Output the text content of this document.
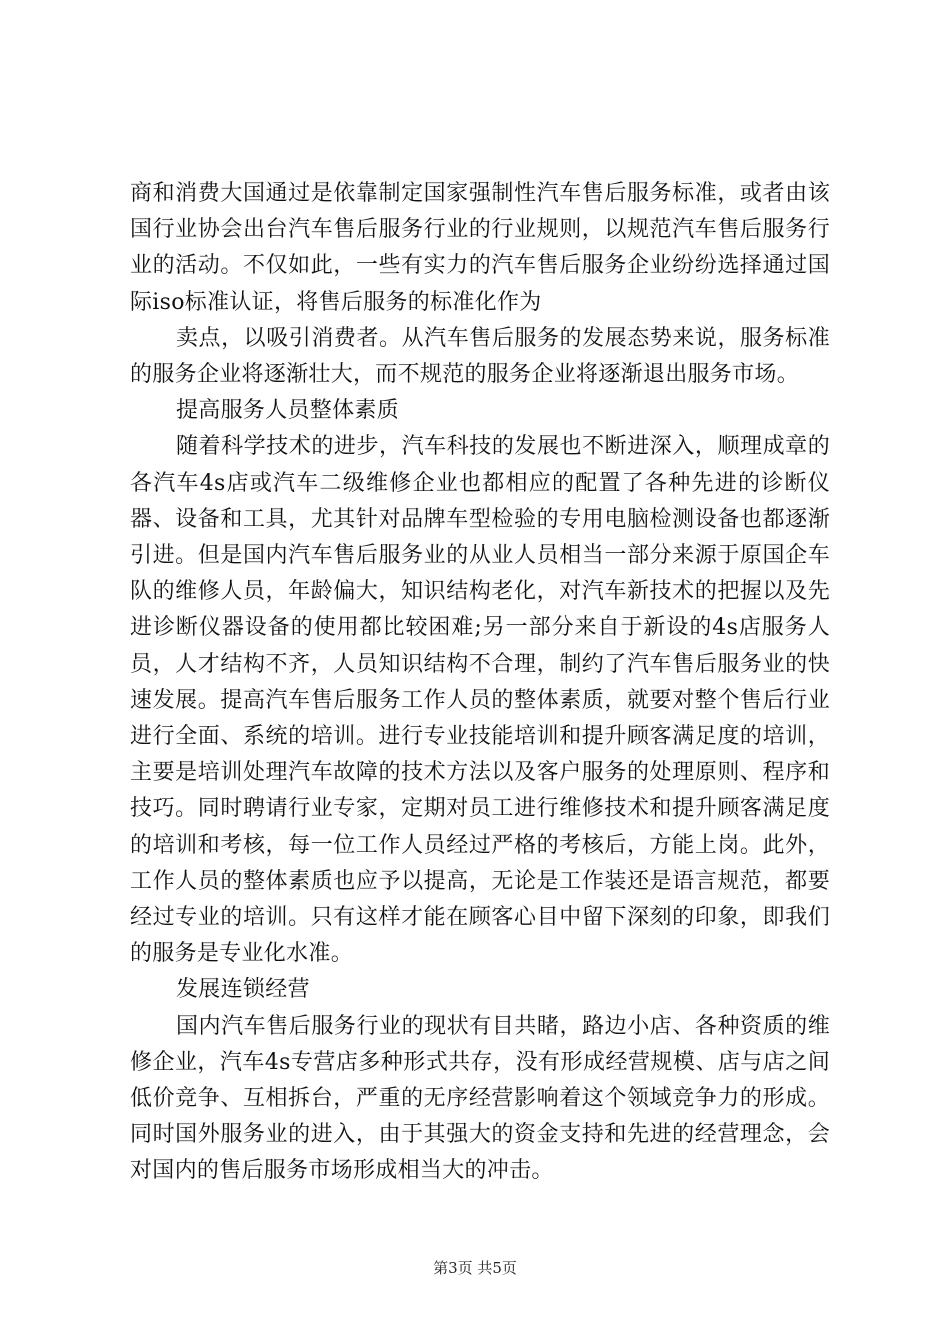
商和消费大国通过是依靠制定国家强制性汽车售后服务标准，或者由该国行业协会出台汽车售后服务行业的行业规则，以规范汽车售后服务行业的活动。不仅如此，一些有实力的汽车售后服务企业纷纷选择通过国际iso标准认证，将售后服务的标准化作为

卖点，以吸引消费者。从汽车售后服务的发展态势来说，服务标准的服务企业将逐渐壮大，而不规范的服务企业将逐渐退出服务市场。

提高服务人员整体素质

随着科学技术的进步，汽车科技的发展也不断进深入，顺理成章的各汽车4s店或汽车二级维修企业也都相应的配置了各种先进的诊断仪器、设备和工具，尤其针对品牌车型检验的专用电脑检测设备也都逐渐引进。但是国内汽车售后服务业的从业人员相当一部分来源于原国企车队的维修人员，年龄偏大，知识结构老化，对汽车新技术的把握以及先进诊断仪器设备的使用都比较困难;另一部分来自于新设的4s店服务人员，人才结构不齐，人员知识结构不合理，制约了汽车售后服务业的快速发展。提高汽车售后服务工作人员的整体素质，就要对整个售后行业进行全面、系统的培训。进行专业技能培训和提升顾客满足度的培训，主要是培训处理汽车故障的技术方法以及客户服务的处理原则、程序和技巧。同时聘请行业专家，定期对员工进行维修技术和提升顾客满足度的培训和考核，每一位工作人员经过严格的考核后，方能上岗。此外，工作人员的整体素质也应予以提高，无论是工作装还是语言规范，都要经过专业的培训。只有这样才能在顾客心目中留下深刻的印象，即我们的服务是专业化水准。

发展连锁经营

国内汽车售后服务行业的现状有目共睹，路边小店、各种资质的维修企业，汽车4s专营店多种形式共存，没有形成经营规模、店与店之间低价竞争、互相拆台，严重的无序经营影响着这个领域竞争力的形成。同时国外服务业的进入，由于其强大的资金支持和先进的经营理念，会对国内的售后服务市场形成相当大的冲击。

第3页 共5页
